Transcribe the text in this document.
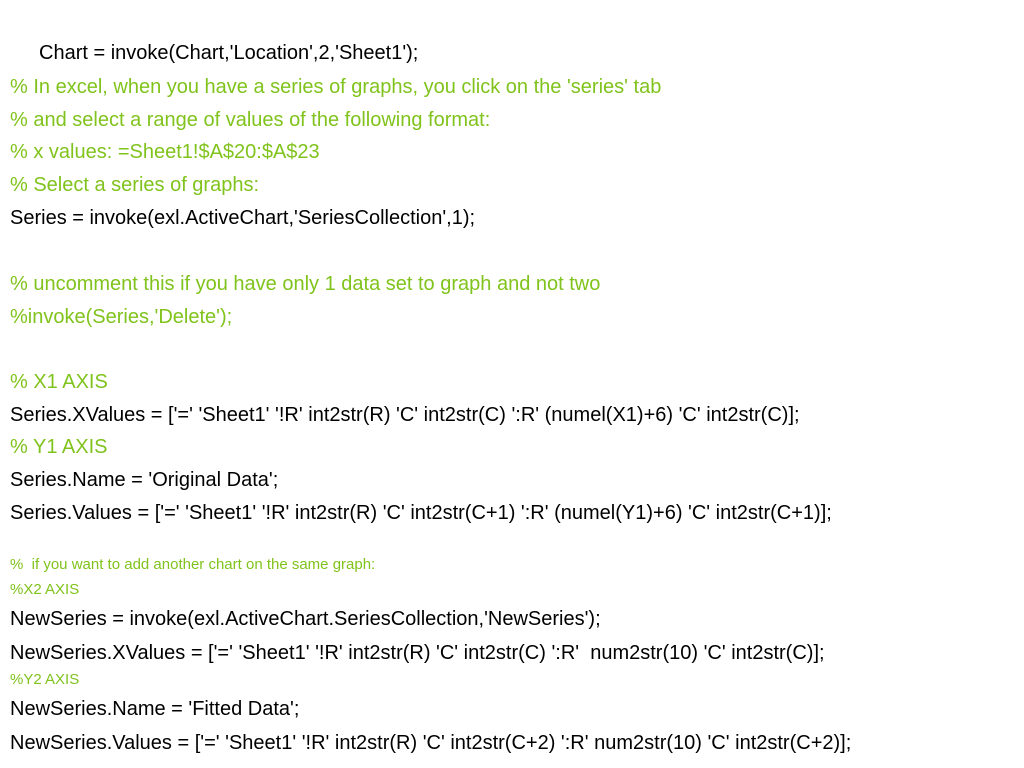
Chart = invoke(Chart,'Location',2,'Sheet1');
% In excel, when you have a series of graphs, you click on the 'series' tab
% and select a range of values of the following format:
% x values: =Sheet1!$A$20:$A$23
% Select a series of graphs:
Series = invoke(exl.ActiveChart,'SeriesCollection',1);
% uncomment this if you have only 1 data set to graph and not two
%invoke(Series,'Delete');
% X1 AXIS
Series.XValues = ['=' 'Sheet1' '!R' int2str(R) 'C' int2str(C) ':R' (numel(X1)+6) 'C' int2str(C)];
% Y1 AXIS
Series.Name = 'Original Data';
Series.Values = ['=' 'Sheet1' '!R' int2str(R) 'C' int2str(C+1) ':R' (numel(Y1)+6) 'C' int2str(C+1)];
%  if you want to add another chart on the same graph:
%X2 AXIS
NewSeries = invoke(exl.ActiveChart.SeriesCollection,'NewSeries');
NewSeries.XValues = ['=' 'Sheet1' '!R' int2str(R) 'C' int2str(C) ':R'  num2str(10) 'C' int2str(C)];
%Y2 AXIS
NewSeries.Name = 'Fitted Data';
NewSeries.Values = ['=' 'Sheet1' '!R' int2str(R) 'C' int2str(C+2) ':R' num2str(10) 'C' int2str(C+2)];
